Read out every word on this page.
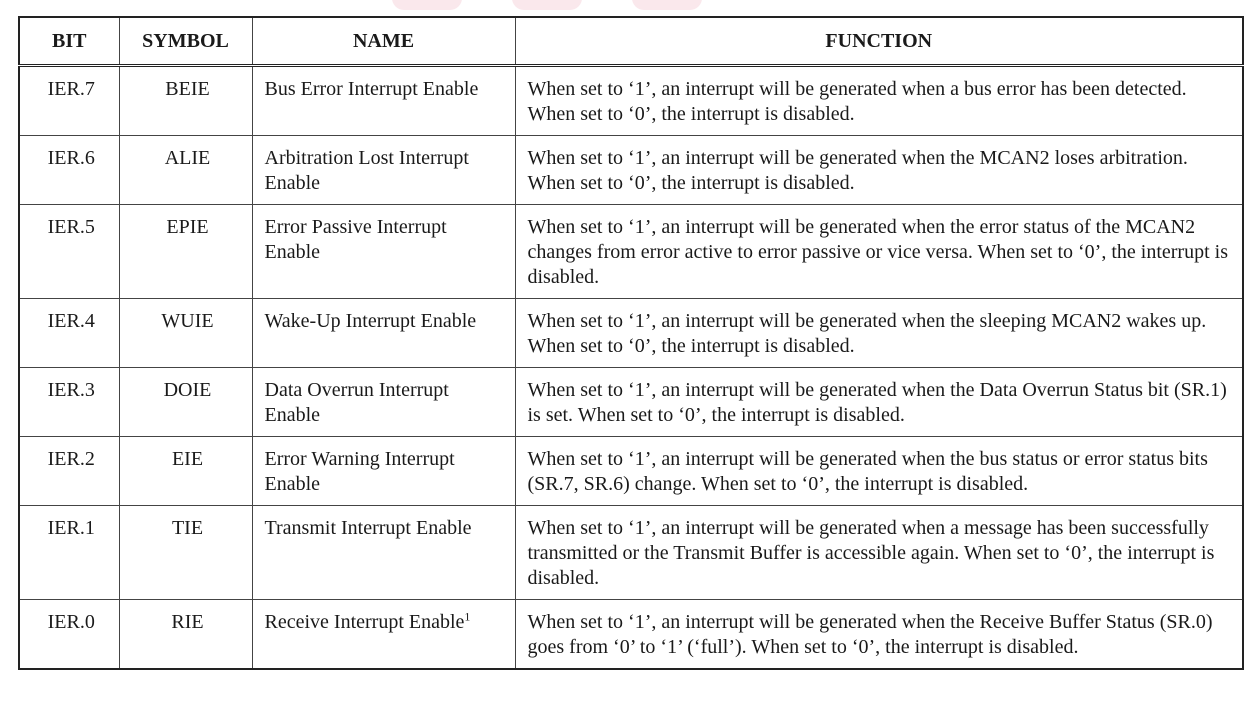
BIT	SYMBOL	NAME	FUNCTION
IER.7	BEIE	Bus Error Interrupt Enable	When set to ‘1’, an interrupt will be generated when a bus error has been detected. When set to ‘0’, the interrupt is disabled.
IER.6	ALIE	Arbitration Lost Interrupt Enable	When set to ‘1’, an interrupt will be generated when the MCAN2 loses arbitration. When set to ‘0’, the interrupt is disabled.
IER.5	EPIE	Error Passive Interrupt Enable	When set to ‘1’, an interrupt will be generated when the error status of the MCAN2 changes from error active to error passive or vice versa. When set to ‘0’, the interrupt is disabled.
IER.4	WUIE	Wake-Up Interrupt Enable	When set to ‘1’, an interrupt will be generated when the sleeping MCAN2 wakes up. When set to ‘0’, the interrupt is disabled.
IER.3	DOIE	Data Overrun Interrupt Enable	When set to ‘1’, an interrupt will be generated when the Data Overrun Status bit (SR.1) is set. When set to ‘0’, the interrupt is disabled.
IER.2	EIE	Error Warning Interrupt Enable	When set to ‘1’, an interrupt will be generated when the bus status or error status bits (SR.7, SR.6) change. When set to ‘0’, the interrupt is disabled.
IER.1	TIE	Transmit Interrupt Enable	When set to ‘1’, an interrupt will be generated when a message has been successfully transmitted or the Transmit Buffer is accessible again. When set to ‘0’, the interrupt is disabled.
IER.0	RIE	Receive Interrupt Enable$^1$	When set to ‘1’, an interrupt will be generated when the Receive Buffer Status (SR.0) goes from ‘0’ to ‘1’ (‘full’). When set to ‘0’, the interrupt is disabled.
